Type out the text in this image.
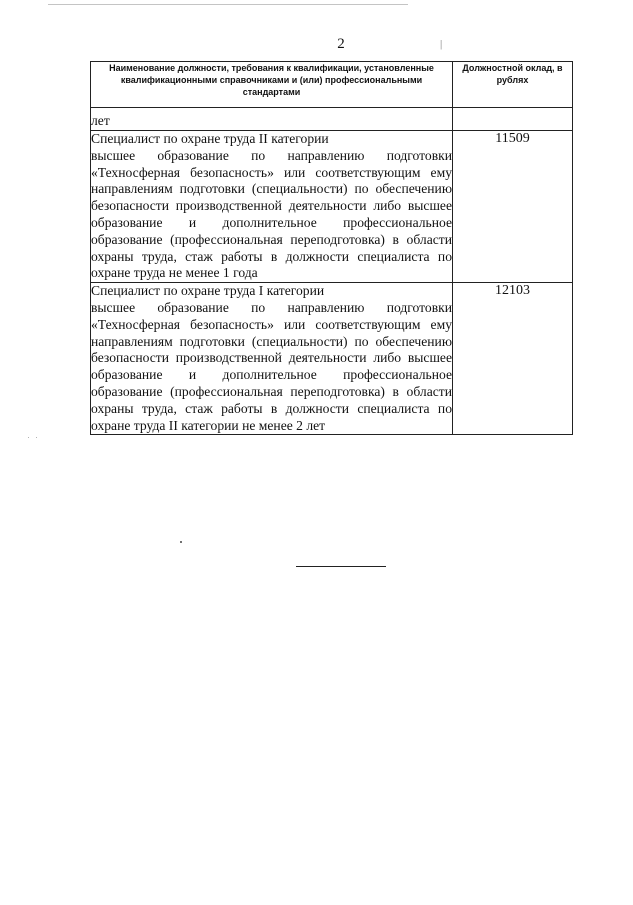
2	|
Наименование должности, требования к квалификации, установленные квалификационными справочниками и (или) профессиональными стандартами	Должностной оклад, в рублях

лет	

Специалист по охране труда II категории
высшее образование по направлению подготовки «Техносферная безопасность» или соответствующим ему направлениям подготовки (специальности) по обеспечению безопасности производственной деятельности либо высшее образование и дополнительное профессиональное образование (профессиональная переподготовка) в области охраны труда, стаж работы в должности специалиста по охране труда не менее 1 года	11509

Специалист по охране труда I категории
высшее образование по направлению подготовки «Техносферная безопасность» или соответствующим ему направлениям подготовки (специальности) по обеспечению безопасности производственной деятельности либо высшее образование и дополнительное профессиональное образование (профессиональная переподготовка) в области охраны труда, стаж работы в должности специалиста по охране труда II категории не менее 2 лет	12103
